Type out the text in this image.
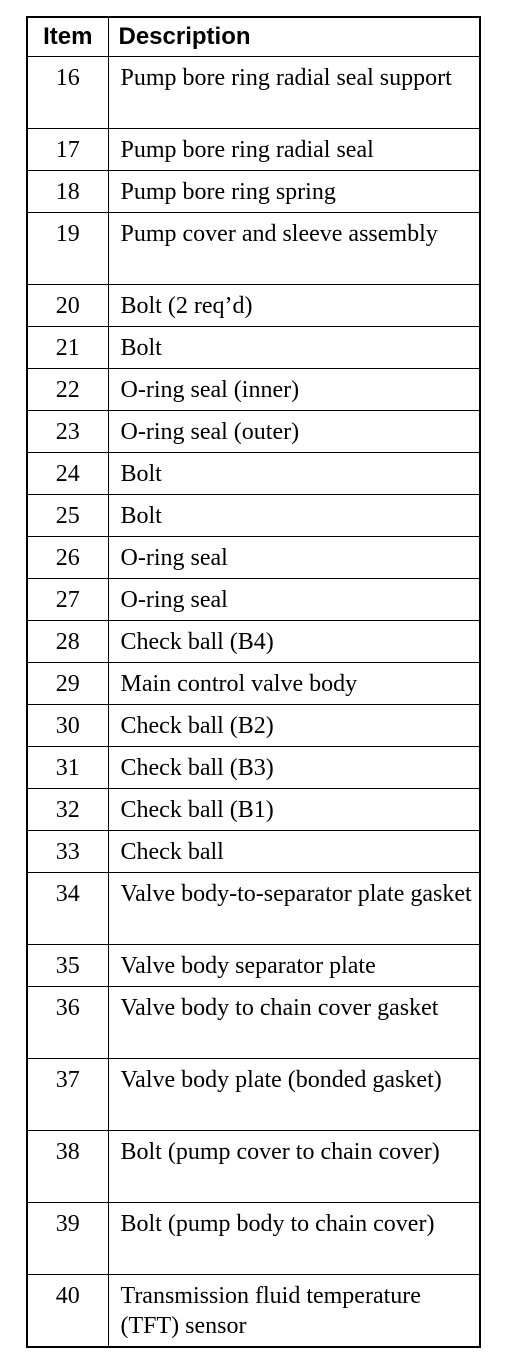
Item	Description
16	Pump bore ring radial seal support
17	Pump bore ring radial seal
18	Pump bore ring spring
19	Pump cover and sleeve assembly
20	Bolt (2 req’d)
21	Bolt
22	O-ring seal (inner)
23	O-ring seal (outer)
24	Bolt
25	Bolt
26	O-ring seal
27	O-ring seal
28	Check ball (B4)
29	Main control valve body
30	Check ball (B2)
31	Check ball (B3)
32	Check ball (B1)
33	Check ball
34	Valve body-to-separator plate gasket
35	Valve body separator plate
36	Valve body to chain cover gasket
37	Valve body plate (bonded gasket)
38	Bolt (pump cover to chain cover)
39	Bolt (pump body to chain cover)
40	Transmission fluid temperature (TFT) sensor
